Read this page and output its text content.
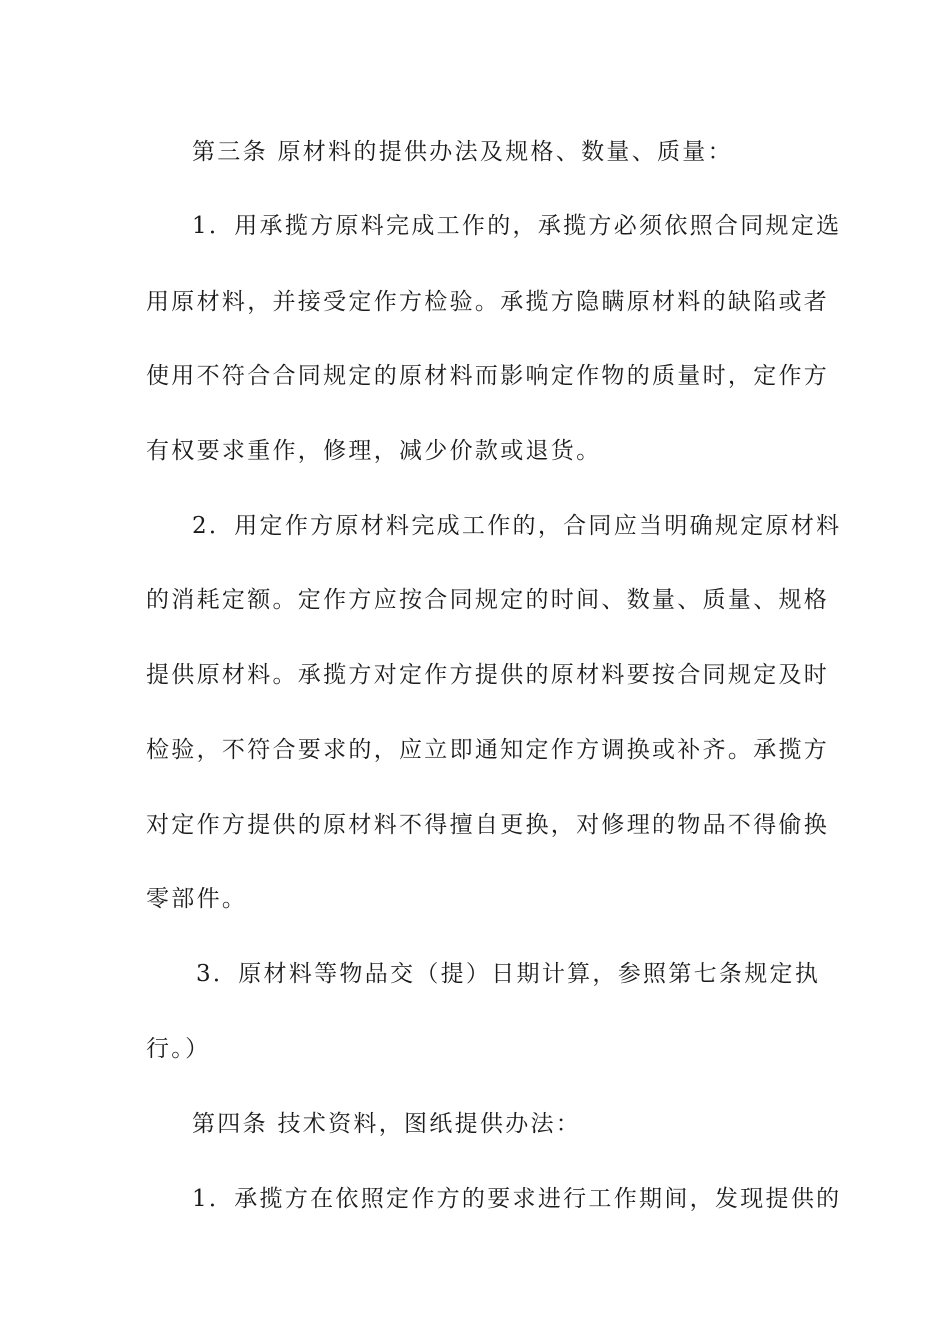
第三条 原材料的提供办法及规格、数量、质量：
1．用承揽方原料完成工作的，承揽方必须依照合同规定选
用原材料，并接受定作方检验。承揽方隐瞒原材料的缺陷或者
使用不符合合同规定的原材料而影响定作物的质量时，定作方
有权要求重作，修理，减少价款或退货。
2．用定作方原材料完成工作的，合同应当明确规定原材料
的消耗定额。定作方应按合同规定的时间、数量、质量、规格
提供原材料。承揽方对定作方提供的原材料要按合同规定及时
检验，不符合要求的，应立即通知定作方调换或补齐。承揽方
对定作方提供的原材料不得擅自更换，对修理的物品不得偷换
零部件。
3．原材料等物品交（提）日期计算，参照第七条规定执
行。）
第四条 技术资料，图纸提供办法：
1．承揽方在依照定作方的要求进行工作期间，发现提供的
